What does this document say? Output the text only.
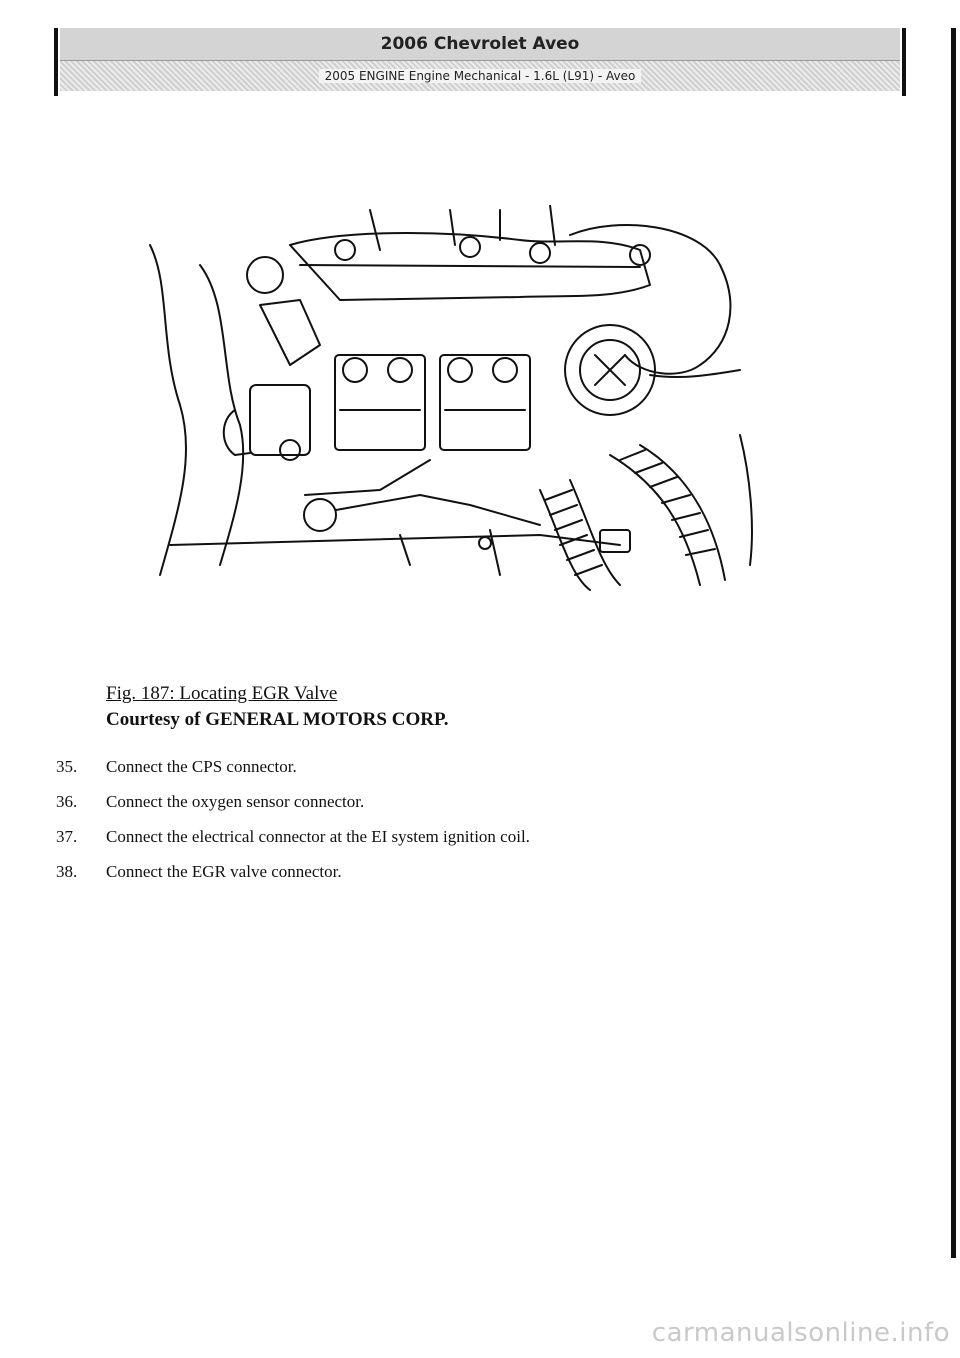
2006 Chevrolet Aveo
2005 ENGINE Engine Mechanical - 1.6L (L91) - Aveo
Fig. 187: Locating EGR Valve
Courtesy of GENERAL MOTORS CORP.
35.	Connect the CPS connector.
36.	Connect the oxygen sensor connector.
37.	Connect the electrical connector at the EI system ignition coil.
38.	Connect the EGR valve connector.
carmanualsonline.info
